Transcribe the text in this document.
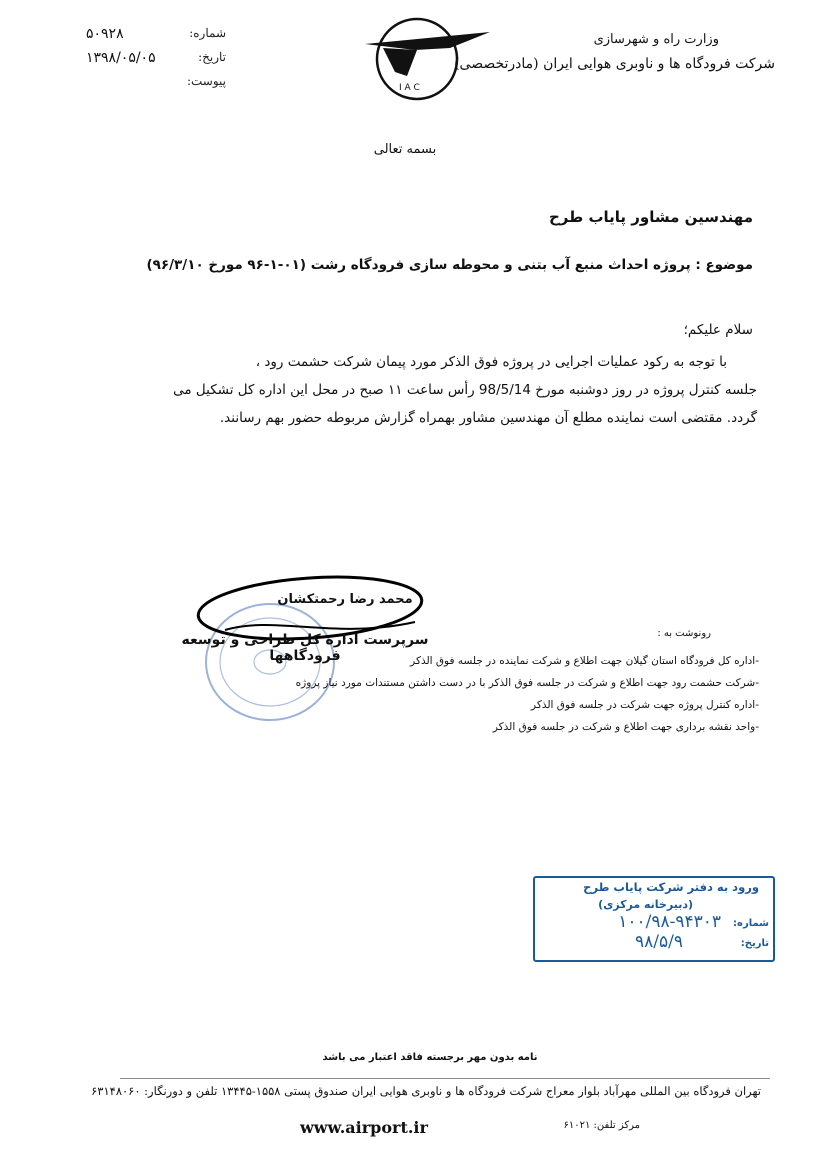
وزارت راه و شهرسازی
شرکت فرودگاه ها و ناوبری هوایی ایران (مادرتخصصی)
I A C
شماره:
۵۰۹۲۸
تاریخ:
۱۳۹۸/۰۵/۰۵
پیوست:
بسمه تعالی
مهندسین مشاور پایاب طرح
موضوع : پروژه احداث منبع آب بتنی و محوطه سازی فرودگاه رشت (۰۱-۱-۹۶ مورخ ۹۶/۳/۱۰)
سلام علیکم؛

با توجه به رکود عملیات اجرایی در پروژه فوق الذکر مورد پیمان شرکت حشمت رود ،

جلسه کنترل پروژه در روز دوشنبه مورخ 98/5/14 رأس ساعت ۱۱ صبح در محل این اداره کل تشکیل می

گردد. مقتضی است نماینده مطلع آن مهندسین مشاور بهمراه گزارش مربوطه حضور بهم رسانند.

محمد رضا رحمتکشان
سرپرست اداره کل طراحی و توسعه فرودگاهها
رونوشت به :
-اداره کل فرودگاه استان گیلان جهت اطلاع و شرکت نماینده در جلسه فوق الذکر
-شرکت حشمت رود جهت اطلاع و شرکت در جلسه فوق الذکر با در دست داشتن مستندات مورد نیاز پروژه
-اداره کنترل پروژه جهت شرکت در جلسه فوق الذکر
-واحد نقشه برداری جهت اطلاع و شرکت در جلسه فوق الذکر
ورود به دفتر شرکت پایاب طرح
(دبیرخانه مرکزی)
شماره:
۱۰۰/۹۸-۹۴۳۰۳
تاریخ:
۹۸/۵/۹
نامه بدون مهر برجسته فاقد اعتبار می باشد
تهران فرودگاه بین المللی مهرآباد بلوار معراج شرکت فرودگاه ها و ناوبری هوایی ایران صندوق پستی ۱۵۵۸-۱۳۴۴۵ تلفن و دورنگار: ۶۳۱۴۸۰۶۰
www.airport.ir	مرکز تلفن: ۶۱۰۲۱
